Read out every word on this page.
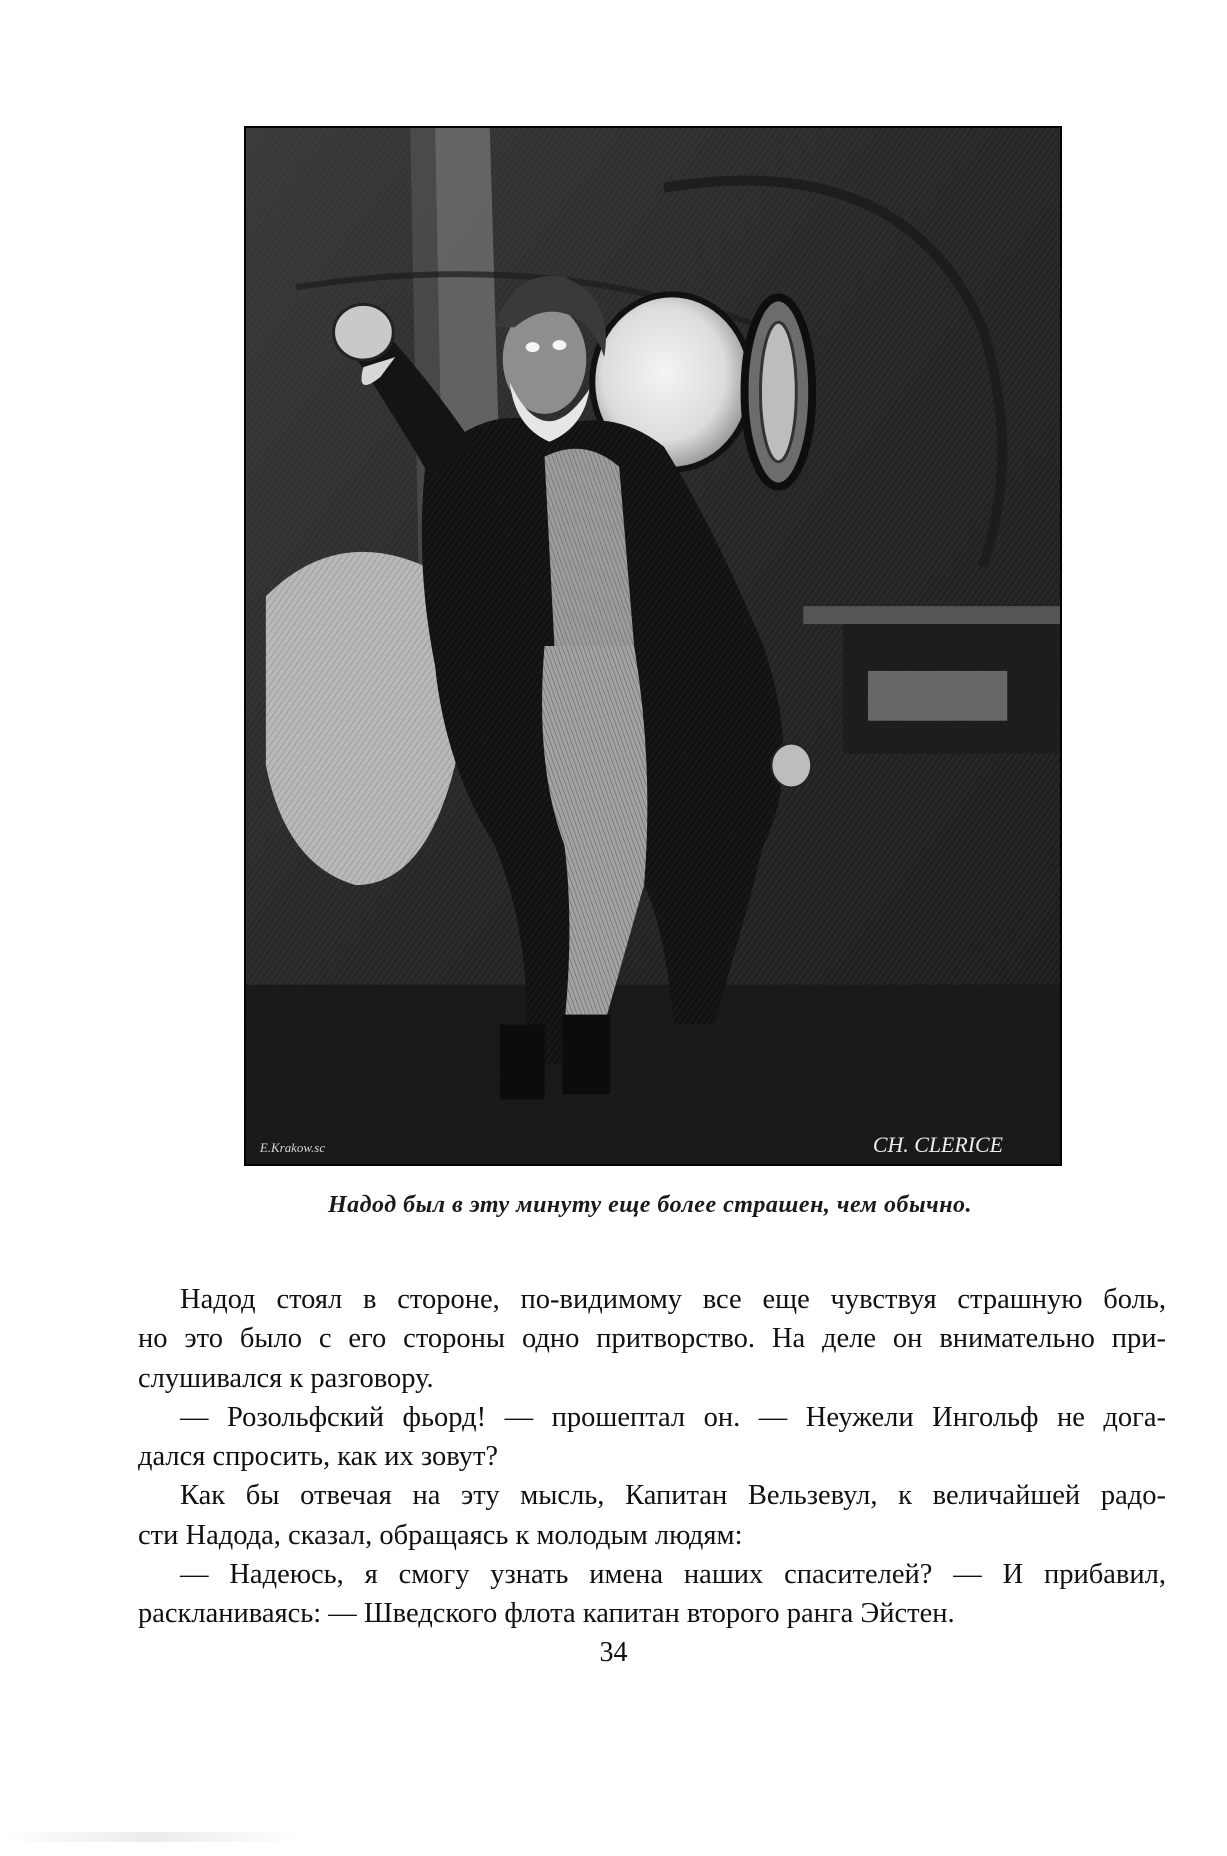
E.Krakow.sc	CH. CLERICE
Надод был в эту минуту еще более страшен, чем обычно.
Надод стоял в стороне, по-видимому все еще чувствуя страшную боль,
но это было с его стороны одно притворство. На деле он внимательно при-
слушивался к разговору.
— Розольфский фьорд! — прошептал он. — Неужели Ингольф не дога-
дался спросить, как их зовут?
Как бы отвечая на эту мысль, Капитан Вельзевул, к величайшей радо-
сти Надода, сказал, обращаясь к молодым людям:
— Надеюсь, я смогу узнать имена наших спасителей? — И прибавил,
раскланиваясь: — Шведского флота капитан второго ранга Эйстен.
34
